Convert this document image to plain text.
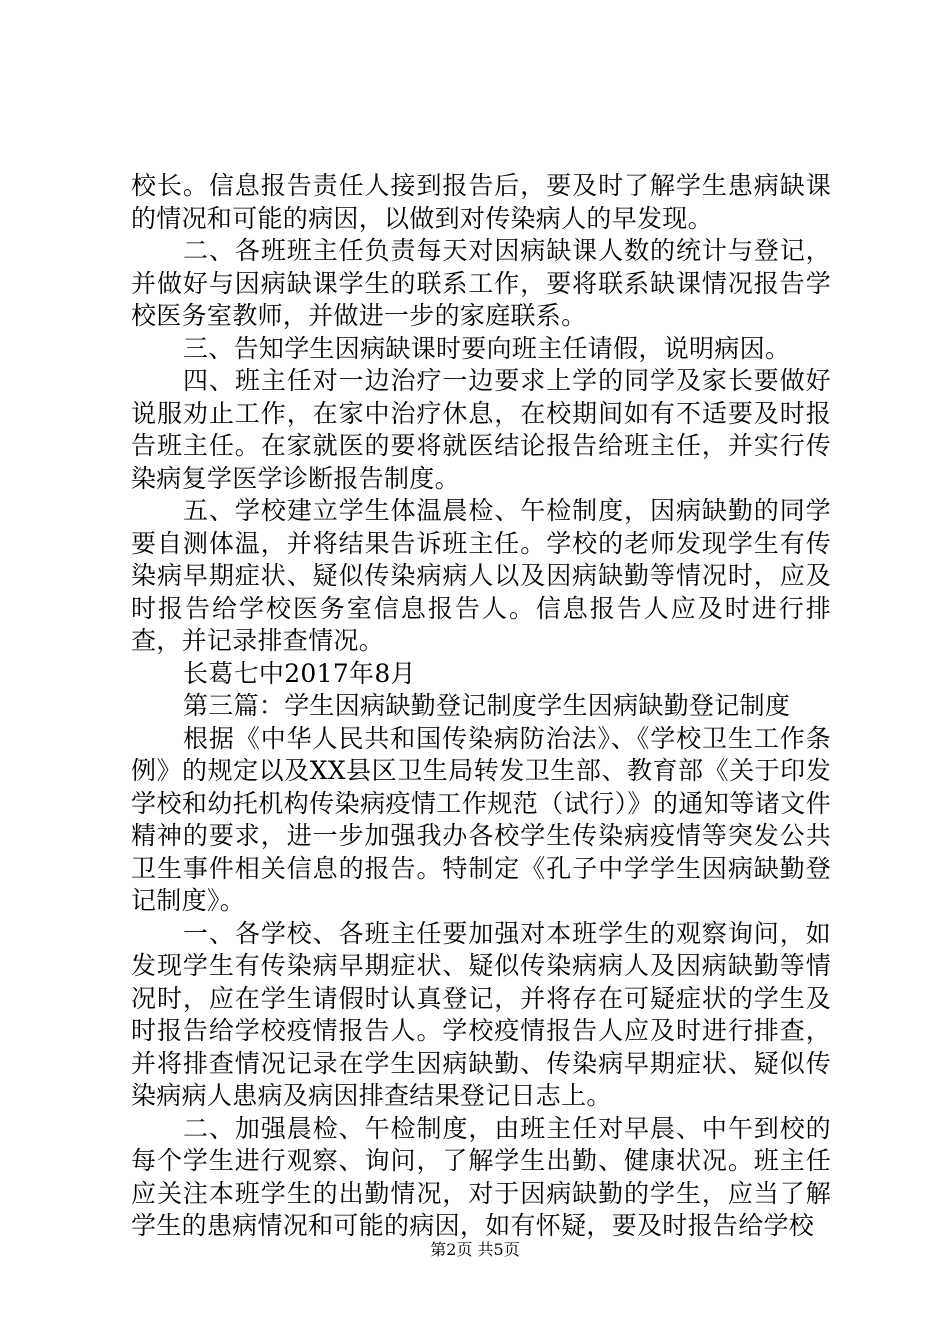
校长。信息报告责任人接到报告后，要及时了解学生患病缺课的情况和可能的病因，以做到对传染病人的早发现。

二、各班班主任负责每天对因病缺课人数的统计与登记，并做好与因病缺课学生的联系工作，要将联系缺课情况报告学校医务室教师，并做进一步的家庭联系。

三、告知学生因病缺课时要向班主任请假，说明病因。

四、班主任对一边治疗一边要求上学的同学及家长要做好说服劝止工作，在家中治疗休息，在校期间如有不适要及时报告班主任。在家就医的要将就医结论报告给班主任，并实行传染病复学医学诊断报告制度。

五、学校建立学生体温晨检、午检制度，因病缺勤的同学要自测体温，并将结果告诉班主任。学校的老师发现学生有传染病早期症状、疑似传染病病人以及因病缺勤等情况时，应及时报告给学校医务室信息报告人。信息报告人应及时进行排查，并记录排查情况。

长葛七中2017年8月

第三篇：学生因病缺勤登记制度学生因病缺勤登记制度

根据《中华人民共和国传染病防治法》、《学校卫生工作条例》的规定以及XX县区卫生局转发卫生部、教育部《关于印发学校和幼托机构传染病疫情工作规范（试行）》的通知等诸文件精神的要求，进一步加强我办各校学生传染病疫情等突发公共卫生事件相关信息的报告。特制定《孔子中学学生因病缺勤登记制度》。

一、各学校、各班主任要加强对本班学生的观察询问，如发现学生有传染病早期症状、疑似传染病病人及因病缺勤等情况时，应在学生请假时认真登记，并将存在可疑症状的学生及时报告给学校疫情报告人。学校疫情报告人应及时进行排查，并将排查情况记录在学生因病缺勤、传染病早期症状、疑似传染病病人患病及病因排查结果登记日志上。

二、加强晨检、午检制度，由班主任对早晨、中午到校的每个学生进行观察、询问，了解学生出勤、健康状况。班主任应关注本班学生的出勤情况，对于因病缺勤的学生，应当了解学生的患病情况和可能的病因，如有怀疑，要及时报告给学校

第2页 共5页
